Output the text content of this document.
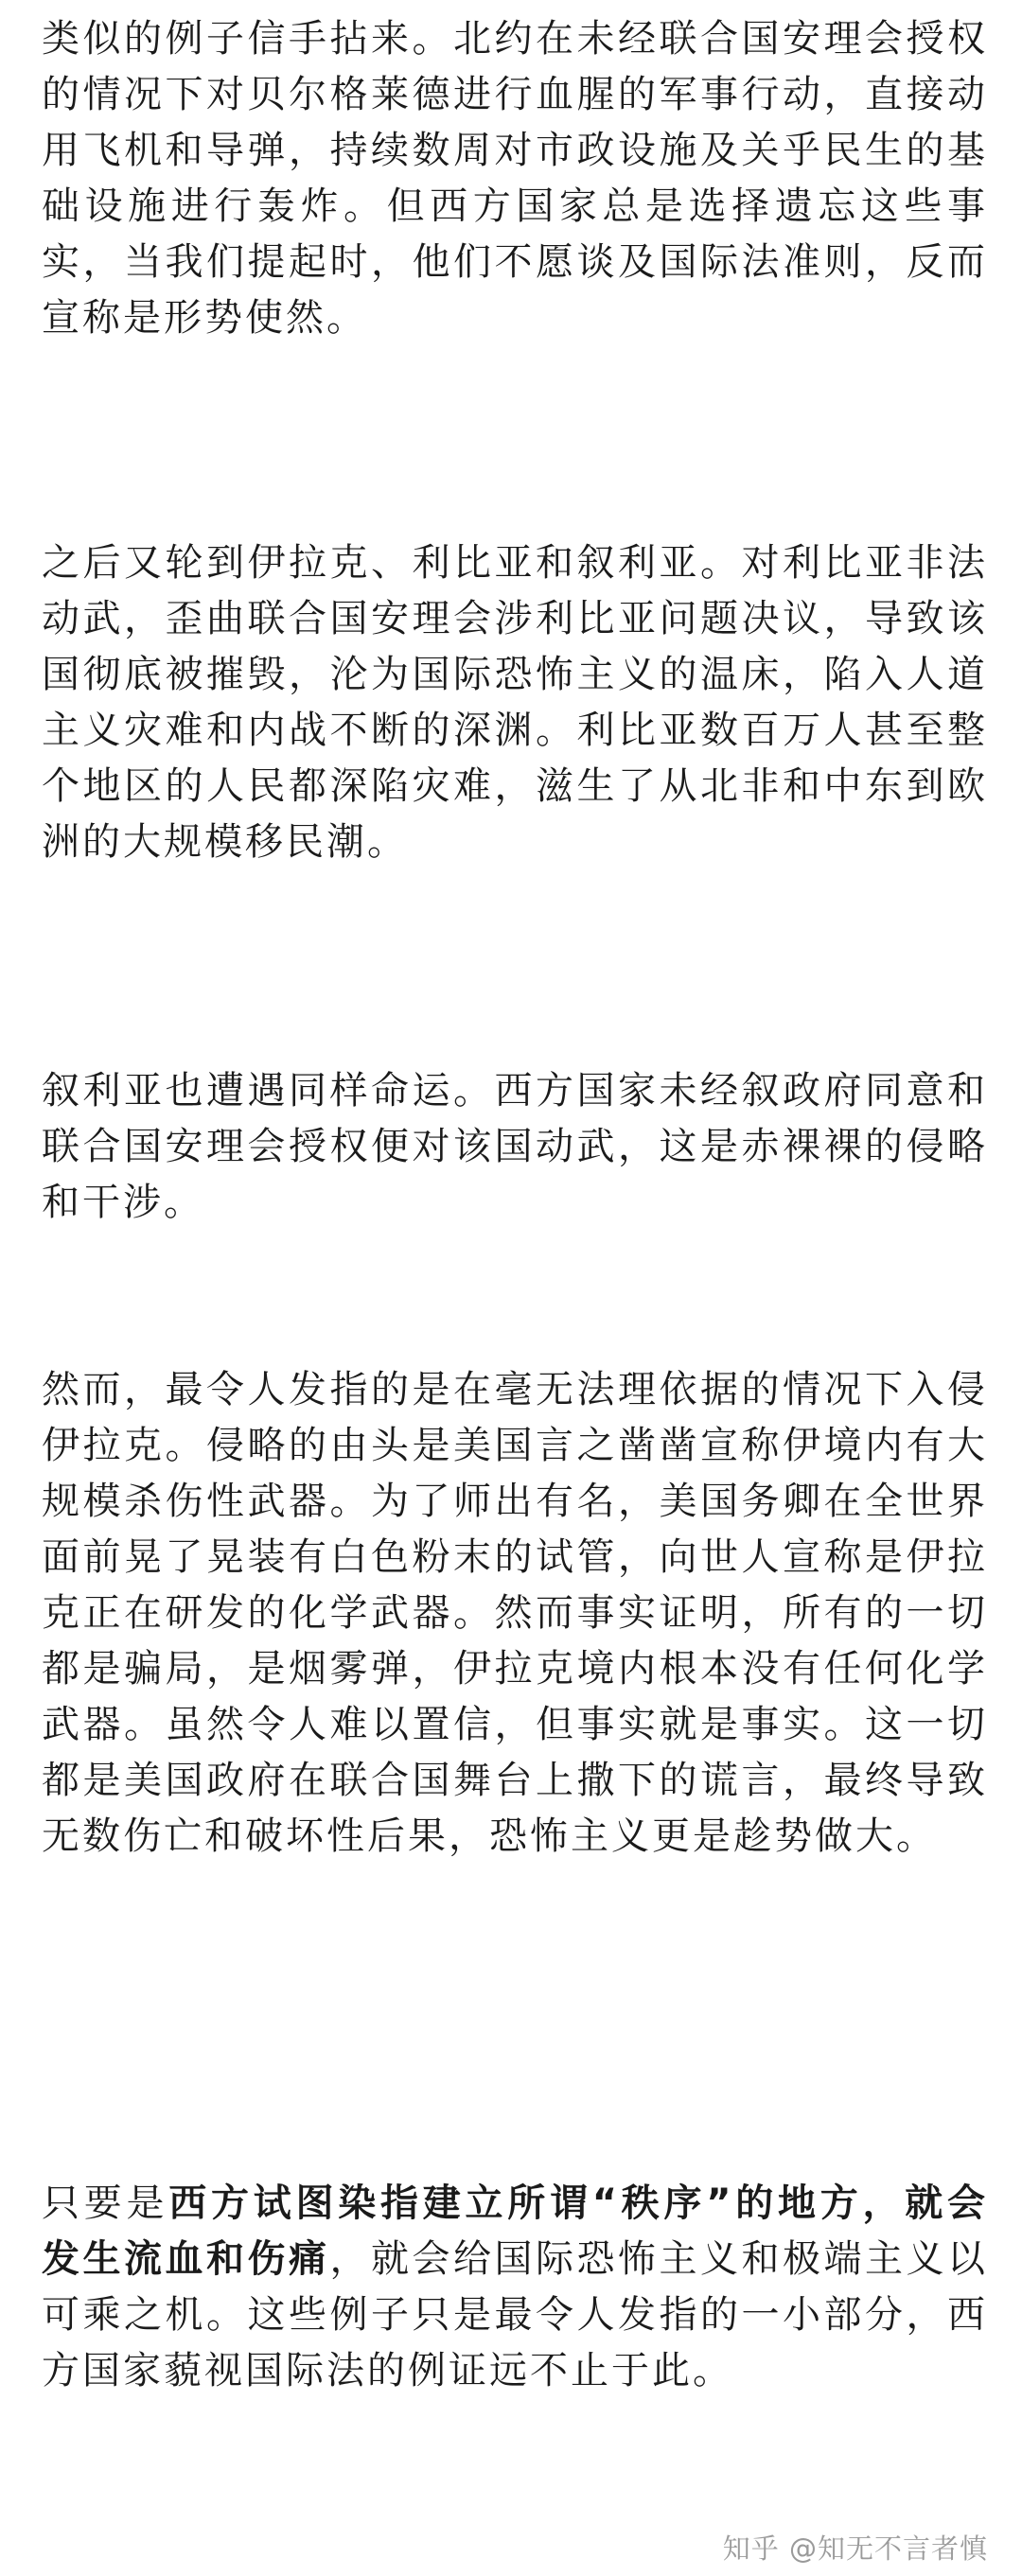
类似的例子信手拈来。北约在未经联合国安理会授权的情况下对贝尔格莱德进行血腥的军事行动，直接动用飞机和导弹，持续数周对市政设施及关乎民生的基础设施进行轰炸。但西方国家总是选择遗忘这些事实，当我们提起时，他们不愿谈及国际法准则，反而宣称是形势使然。

之后又轮到伊拉克、利比亚和叙利亚。对利比亚非法动武，歪曲联合国安理会涉利比亚问题决议，导致该国彻底被摧毁，沦为国际恐怖主义的温床，陷入人道主义灾难和内战不断的深渊。利比亚数百万人甚至整个地区的人民都深陷灾难，滋生了从北非和中东到欧洲的大规模移民潮。

叙利亚也遭遇同样命运。西方国家未经叙政府同意和联合国安理会授权便对该国动武，这是赤裸裸的侵略和干涉。

然而，最令人发指的是在毫无法理依据的情况下入侵伊拉克。侵略的由头是美国言之凿凿宣称伊境内有大规模杀伤性武器。为了师出有名，美国务卿在全世界面前晃了晃装有白色粉末的试管，向世人宣称是伊拉克正在研发的化学武器。然而事实证明，所有的一切都是骗局，是烟雾弹，伊拉克境内根本没有任何化学武器。虽然令人难以置信，但事实就是事实。这一切都是美国政府在联合国舞台上撒下的谎言，最终导致无数伤亡和破坏性后果，恐怖主义更是趁势做大。

只要是西方试图染指建立所谓“秩序”的地方，就会发生流血和伤痛，就会给国际恐怖主义和极端主义以可乘之机。这些例子只是最令人发指的一小部分，西方国家藐视国际法的例证远不止于此。

知乎 @知无不言者慎
